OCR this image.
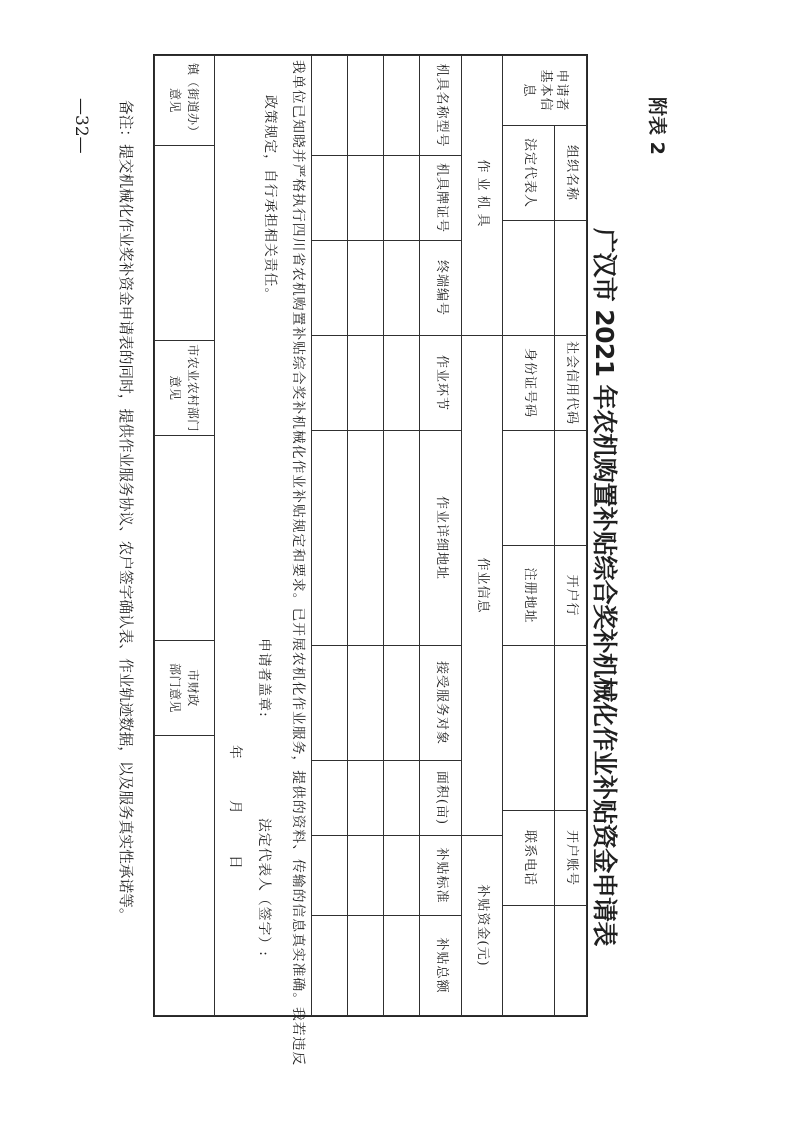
附表 2
广汉市 2021 年农机购置补贴综合奖补机械化作业补贴资金申请表
申请者
基本信
息
组织名称
社会信用代码
开户行
开户账号
法定代表人
身份证号码
注册地址
联系电话
作业机具
作业信息
补贴资金(元)
机具名称型号
机具牌证号
终端编号
作业环节
作业详细地址
接受服务对象
面积(亩)
补贴标准
补贴总额
我单位已知晓并严格执行四川省农机购置补贴综合奖补机械化作业补贴规定和要求。已开展农机化作业服务，提供的资料、传输的信息真实准确。我若违反
政策规定，自行承担相关责任。
申请者盖章:
法定代表人（签字）:
年
月
日
镇（街道办）
意见
市农业农村部门
意见
市财政
部门意见
备注：提交机械化作业奖补资金申请表的同时，提供作业服务协议、农户签字确认表、作业轨迹数据，以及服务真实性承诺等。
—32—
